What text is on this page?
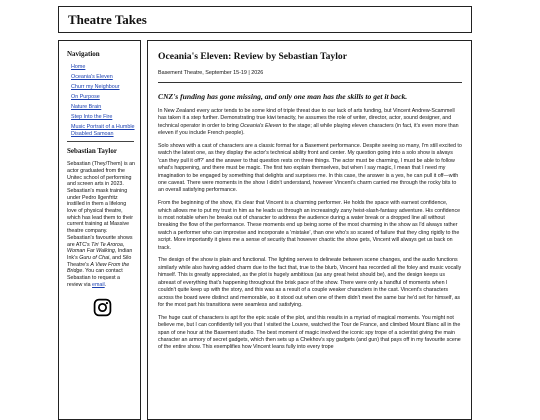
Theatre Takes
Navigation
Home
Oceania's Eleven
Churr my Neighbour
On Purpose
Nature Brain
Step Into the Fire
Music Portrait of a Humble Disabled Samoan
Sebastian Taylor

Sebastian (They/Them) is an actor graduated from the Unitec school of performing and screen arts in 2023. Sebastian's mask training under Pedro Ilgenfritz instilled in them a lifelong love of physical theatre, which has lead them to their current training at Massive theatre company. Sebastian's favourite shows are ATC's Tiri Te Aroroa, Woman Far Walking, Indian Ink's Guru of Chai, and Silo Theatre's A View From the Bridge. You can contact Sebastian to request a review via email.

Oceania's Eleven: Review by Sebastian Taylor
Basement Theatre, September 15-19 | 2026
CNZ's funding has gone missing, and only one man has the skills to get it back.

In New Zealand every actor tends to be some kind of triple threat due to our lack of arts funding, but Vincent Andrew-Scammell has taken it a step further. Demonstrating true kiwi tenacity, he assumes the role of writer, director, actor, sound designer, and technical operator in order to bring Oceania's Eleven to the stage; all while playing eleven characters (in fact, it's even more than eleven if you include French people).

Solo shows with a cast of characters are a classic format for a Basement performance. Despite seeing so many, I'm still excited to watch the latest one, as they display the actor's technical ability front and center. My question going into a solo show is always 'can they pull it off?' and the answer to that question rests on three things. The actor must be charming, I must be able to follow what's happening, and there must be magic. The first two explain themselves, but when I say magic, I mean that I need my imagination to be engaged by something that delights and surprises me. In this case, the answer is a yes, he can pull it off—with one caveat. There were moments in the show I didn't understand, however Vincent's charm carried me through the rocky bits to an overall satisfying performance.

From the beginning of the show, it's clear that Vincent is a charming performer. He holds the space with earnest confidence, which allows me to put my trust in him as he leads us through an increasingly zany heist-slash-fantasy adventure. His confidence is most notable when he breaks out of character to address the audience during a water break or a dropped line all without breaking the flow of the performance. These moments end up being some of the most charming in the show as I'd always rather watch a performer who can improvise and incorporate a 'mistake', than one who's so scared of failure that they cling rigidly to the script. More importantly it gives me a sense of security that however chaotic the show gets, Vincent will always get us back on track.

The design of the show is plain and functional. The lighting serves to delineate between scene changes, and the audio functions similarly while also having added charm due to the fact that, true to the blurb, Vincent has recorded all the foley and music vocally himself. This is greatly appreciated, as the plot is hugely ambitious (as any great heist should be), and the design keeps us abreast of everything that's happening throughout the brisk pace of the show. There were only a handful of moments when I couldn't quite keep up with the story, and this was as a result of a couple weaker characters in the cast. Vincent's characters across the board were distinct and memorable, so it stood out when one of them didn't meet the same bar he'd set for himself, as for the most part his transitions were seamless and satisfying.

The huge cast of characters is apt for the epic scale of the plot, and this results in a myriad of magical moments. You might not believe me, but I can confidently tell you that I visited the Louvre, watched the Tour de France, and climbed Mount Blanc all in the span of one hour at the Basement studio. The best moment of magic involved the iconic spy trope of a scientist giving the main character an armory of secret gadgets, which then sets up a Chekhov's spy gadgets (and gun) that pays off in my favourite scene of the entire show. This exemplifies how Vincent leans fully into every trope
